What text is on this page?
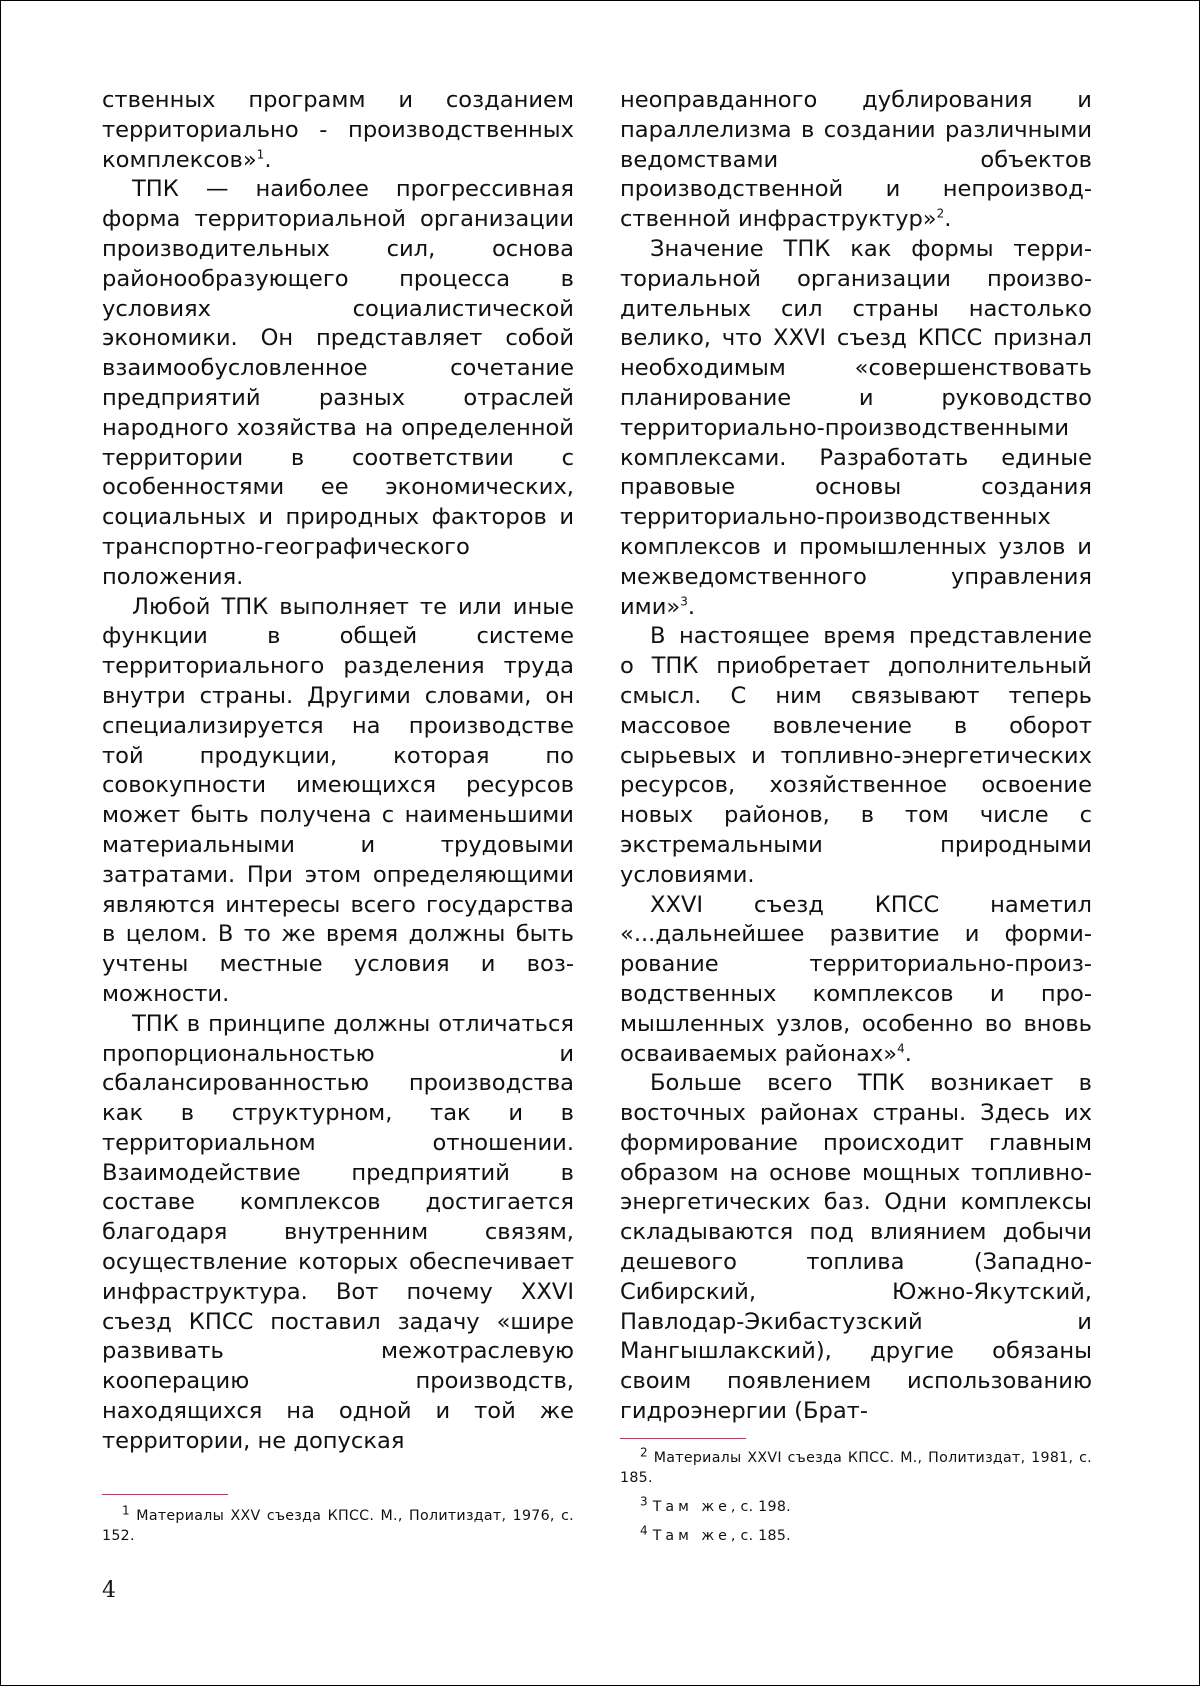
ственных программ и созданием территориально - производственных комплексов»$^1$.

ТПК — наиболее прогрессивная форма территориальной организации производительных сил, основа районообразующего процесса в условиях социалистической экономики. Он представляет собой взаимообусловленное сочетание предприятий разных отраслей народного хозяйства на определенной территории в соответствии с особенностями ее экономических, социальных и природных факторов и транспортно-географического положения.

Любой ТПК выполняет те или иные функции в общей системе территориального разделения труда внутри страны. Другими словами, он специализируется на производстве той продукции, которая по совокупности имеющихся ресурсов может быть получена с наименьшими материальными и трудовыми затратами. При этом определяющими являются интересы всего государства в целом. В то же время должны быть учтены местные условия и возможности.

ТПК в принципе должны отличаться пропорциональностью и сбалансированностью производства как в структурном, так и в территориальном отношении. Взаимодействие предприятий в составе комплексов достигается благодаря внутренним связям, осуществление которых обеспечивает инфраструктура. Вот почему XXVI съезд КПСС поставил задачу «шире развивать межотраслевую кооперацию производств, находящихся на одной и той же территории, не допуская

неоправданного дублирования и параллелизма в создании различными ведомствами объектов производственной и непроизводственной инфраструктур»$^2$.

Значение ТПК как формы территориальной организации производительных сил страны настолько велико, что XXVI съезд КПСС признал необходимым «совершенствовать планирование и руководство территориально-производственными комплексами. Разработать единые правовые основы создания территориально-производственных комплексов и промышленных узлов и межведомственного управления ими»$^3$.

В настоящее время представление о ТПК приобретает дополнительный смысл. С ним связывают теперь массовое вовлечение в оборот сырьевых и топливно-энергетических ресурсов, хозяйственное освоение новых районов, в том числе с экстремальными природными условиями.

XXVI съезд КПСС наметил «...дальнейшее развитие и формирование территориально-производственных комплексов и промышленных узлов, особенно во вновь осваиваемых районах»$^4$.

Больше всего ТПК возникает в восточных районах страны. Здесь их формирование происходит главным образом на основе мощных топливно-энергетических баз. Одни комплексы складываются под влиянием добычи дешевого топлива (Западно-Сибирский, Южно-Якутский, Павлодар-Экибастузский и Мангышлакский), другие обязаны своим появлением использованию гидроэнергии (Брат-

$^1$ Материалы XXV съезда КПСС. М., Политиздат, 1976, с. 152.

$^2$ Материалы XXVI съезда КПСС. М., Политиздат, 1981, с. 185.

$^3$ Там же, с. 198.

$^4$ Там же, с. 185.

4
